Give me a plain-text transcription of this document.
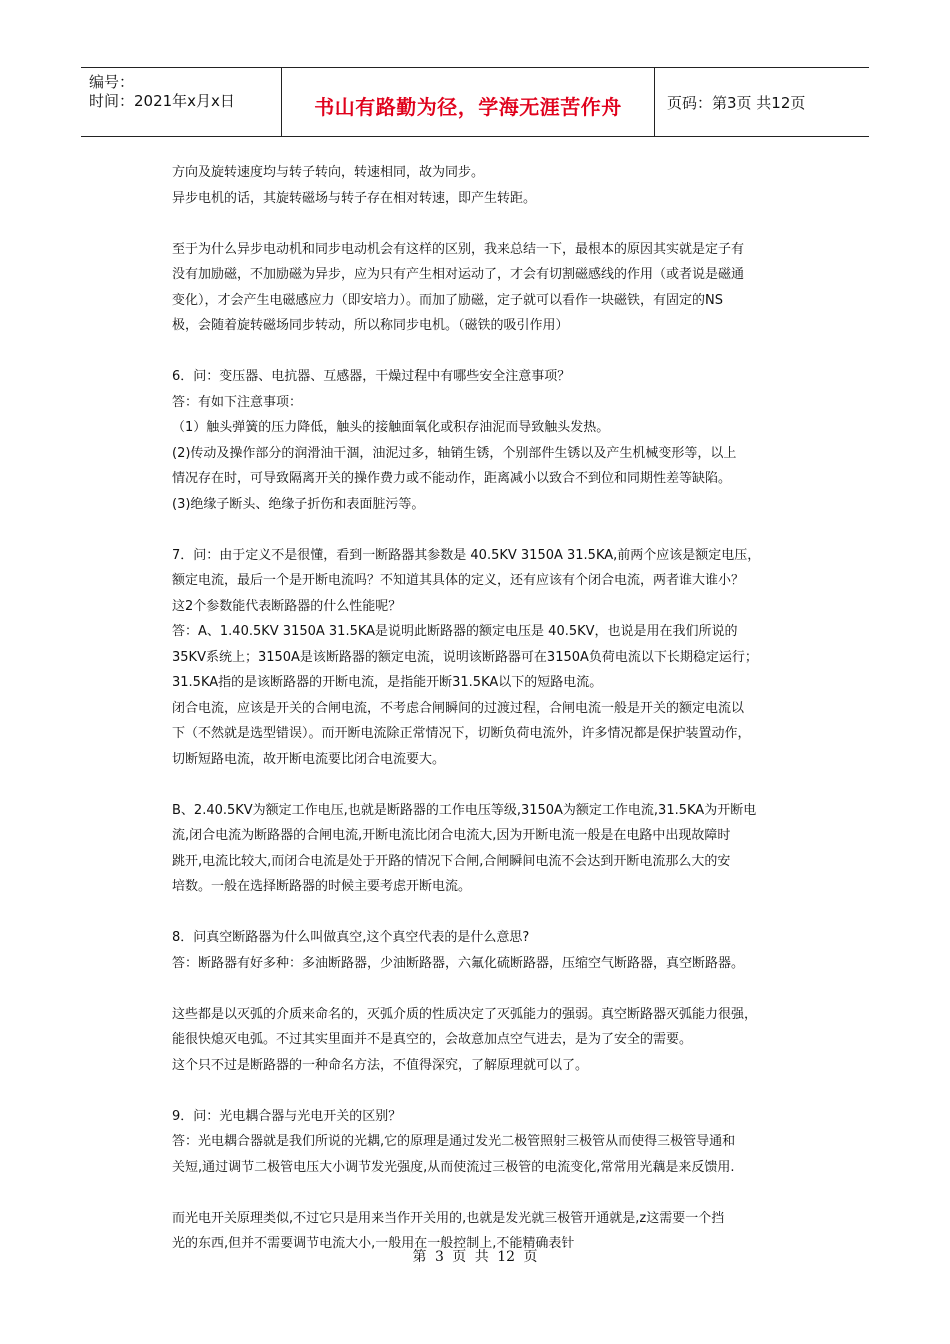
编号：
时间：2021年x月x日	书山有路勤为径，学海无涯苦作舟	页码：第3页 共12页

方向及旋转速度均与转子转向，转速相同，故为同步。
异步电机的话，其旋转磁场与转子存在相对转速，即产生转距。

至于为什么异步电动机和同步电动机会有这样的区别，我来总结一下，最根本的原因其实就是定子有
没有加励磁，不加励磁为异步，应为只有产生相对运动了，才会有切割磁感线的作用（或者说是磁通
变化），才会产生电磁感应力（即安培力）。而加了励磁，定子就可以看作一块磁铁，有固定的NS
极，会随着旋转磁场同步转动，所以称同步电机。（磁铁的吸引作用）

6．问：变压器、电抗器、互感器，干燥过程中有哪些安全注意事项？
答：有如下注意事项：
（1）触头弹簧的压力降低，触头的接触面氧化或积存油泥而导致触头发热。
(2)传动及操作部分的润滑油干涸，油泥过多，轴销生锈，个别部件生锈以及产生机械变形等，以上
情况存在时，可导致隔离开关的操作费力或不能动作，距离减小以致合不到位和同期性差等缺陷。
(3)绝缘子断头、绝缘子折伤和表面脏污等。

7．问：由于定义不是很懂，看到一断路器其参数是 40.5KV 3150A 31.5KA,前两个应该是额定电压，
额定电流，最后一个是开断电流吗？不知道其具体的定义，还有应该有个闭合电流，两者谁大谁小？
这2个参数能代表断路器的什么性能呢？
答：A、1.40.5KV 3150A 31.5KA是说明此断路器的额定电压是 40.5KV，也说是用在我们所说的
35KV系统上；3150A是该断路器的额定电流，说明该断路器可在3150A负荷电流以下长期稳定运行；
31.5KA指的是该断路器的开断电流，是指能开断31.5KA以下的短路电流。
闭合电流，应该是开关的合闸电流，不考虑合闸瞬间的过渡过程，合闸电流一般是开关的额定电流以
下（不然就是选型错误）。而开断电流除正常情况下，切断负荷电流外，许多情况都是保护装置动作，
切断短路电流，故开断电流要比闭合电流要大。

B、2.40.5KV为额定工作电压,也就是断路器的工作电压等级,3150A为额定工作电流,31.5KA为开断电
流,闭合电流为断路器的合闸电流,开断电流比闭合电流大,因为开断电流一般是在电路中出现故障时
跳开,电流比较大,而闭合电流是处于开路的情况下合闸,合闸瞬间电流不会达到开断电流那么大的安
培数。一般在选择断路器的时候主要考虑开断电流。

8．问真空断路器为什么叫做真空,这个真空代表的是什么意思?
答：断路器有好多种：多油断路器，少油断路器，六氟化硫断路器，压缩空气断路器，真空断路器。

这些都是以灭弧的介质来命名的，灭弧介质的性质决定了灭弧能力的强弱。真空断路器灭弧能力很强，
能很快熄灭电弧。不过其实里面并不是真空的，会故意加点空气进去，是为了安全的需要。
这个只不过是断路器的一种命名方法，不值得深究，了解原理就可以了。

9．问：光电耦合器与光电开关的区别？
答：光电耦合器就是我们所说的光耦,它的原理是通过发光二极管照射三极管从而使得三极管导通和
关短,通过调节二极管电压大小调节发光强度,从而使流过三极管的电流变化,常常用光藕是来反馈用.

而光电开关原理类似,不过它只是用来当作开关用的,也就是发光就三极管开通就是,z这需要一个挡
光的东西,但并不需要调节电流大小,一般用在一般控制上,不能精确表针

第 3 页 共 12 页
